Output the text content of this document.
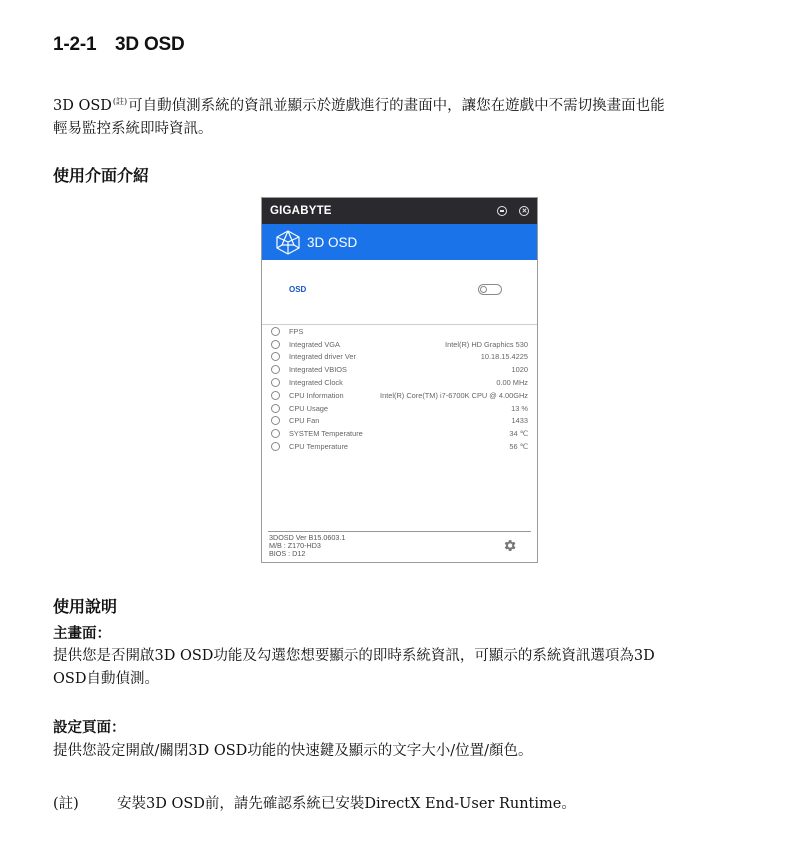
1-2-1 3D OSD
3D $OSD^{(註)}$可自動偵測系統的資訊並顯示於遊戲進行的畫面中，讓您在遊戲中不需切換畫面也能
輕易監控系統即時資訊。
使用介面介紹
GIGABYTE
3D OSD
OSD
FPS
Integrated VGA	Intel(R) HD Graphics 530
Integrated driver Ver	10.18.15.4225
Integrated VBIOS	1020
Integrated Clock	0.00 MHz
CPU Information	Intel(R) Core(TM) i7-6700K CPU @ 4.00GHz
CPU Usage	13 %
CPU Fan	1433
SYSTEM Temperature	34 ℃
CPU Temperature	56 ℃
3DOSD Ver B15.0603.1
M/B : Z170-HD3
BIOS : D12
使用說明
主畫面：
提供您是否開啟3D OSD功能及勾選您想要顯示的即時系統資訊，可顯示的系統資訊選項為3D
OSD自動偵測。
設定頁面：
提供您設定開啟/關閉3D OSD功能的快速鍵及顯示的文字大小/位置/顏色。
(註)	安裝3D OSD前，請先確認系統已安裝DirectX End-User Runtime。
